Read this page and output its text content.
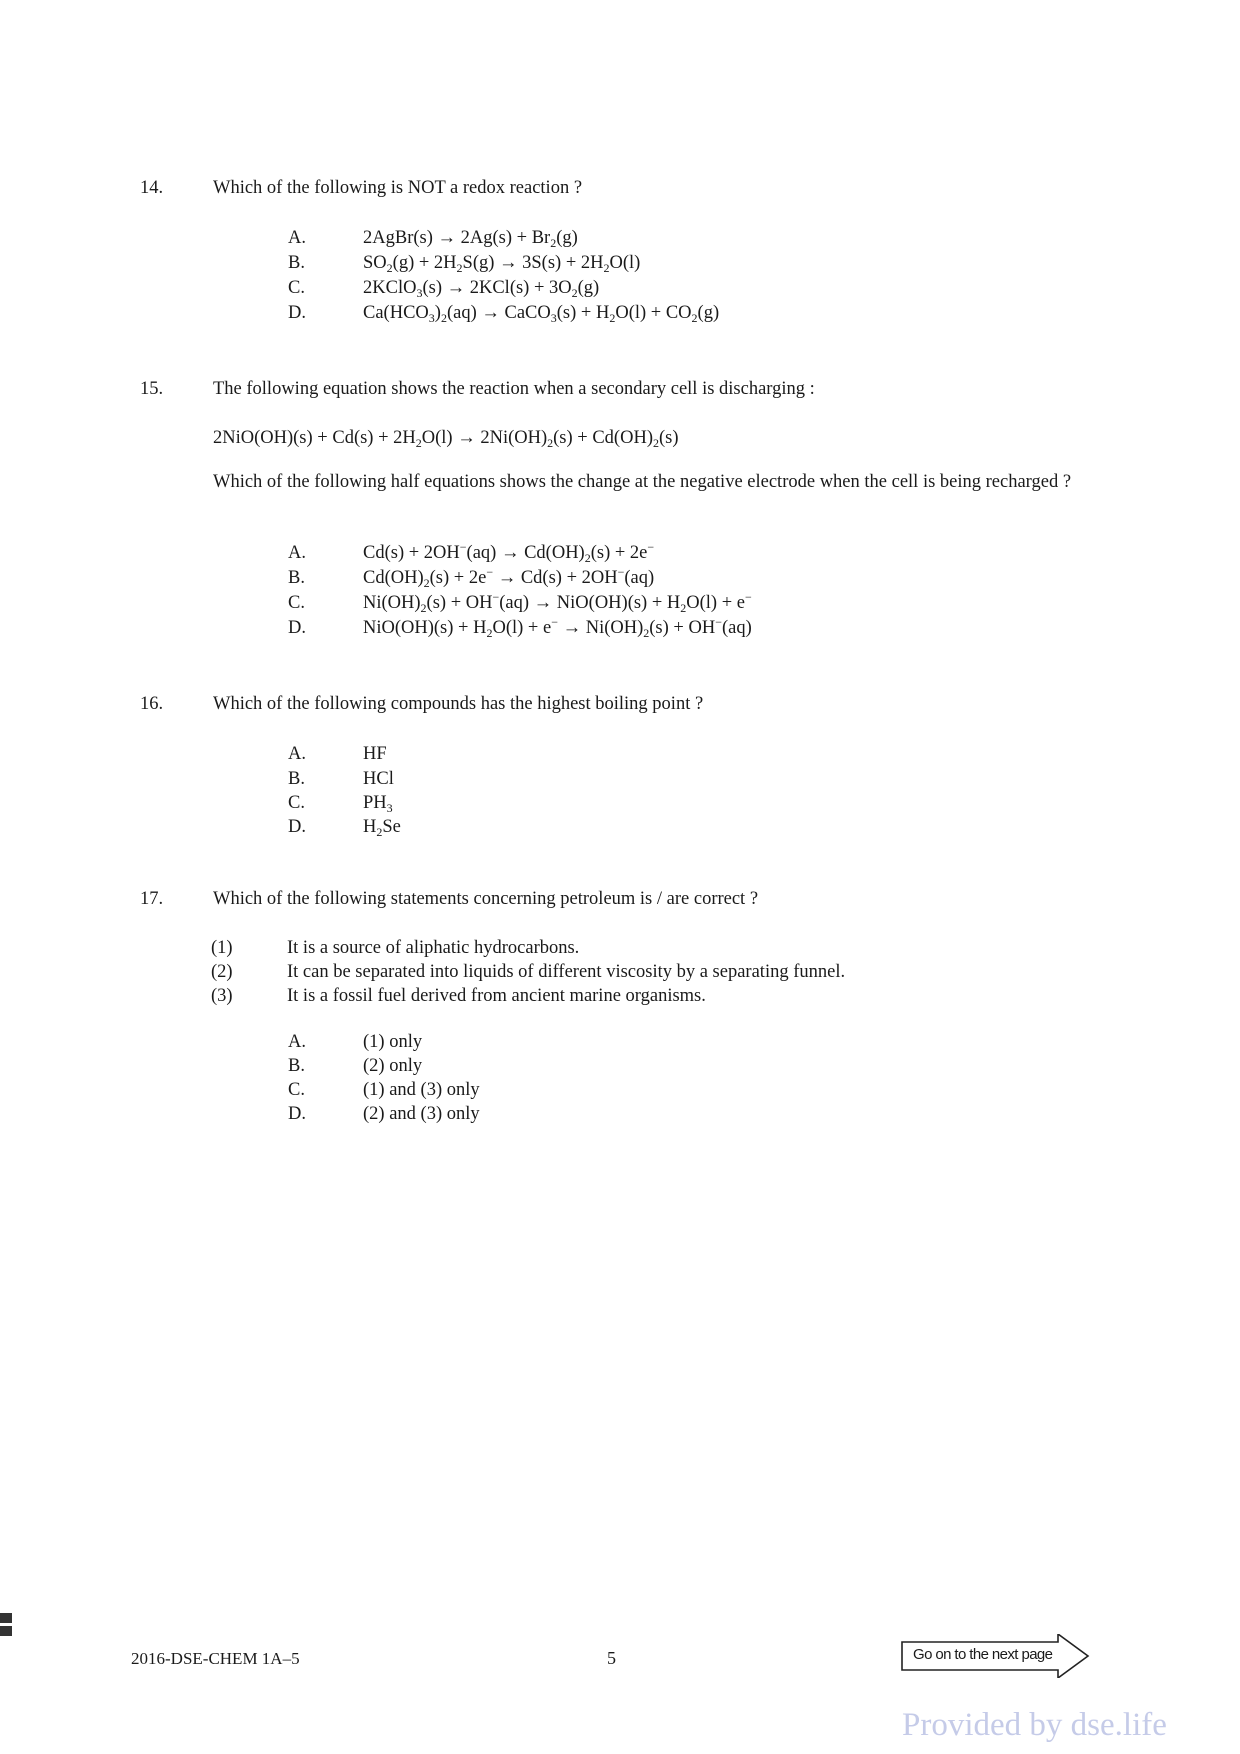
14.	Which of the following is NOT a redox reaction ?
A.	2AgBr(s) → $2Ag(s) + Br_2(g)$
B.	$SO_2(g) + 2H_2S(g) \to 3S(s) + 2H_2O(l)$
C.	2KClO$_3$(s) → $2KCl(s) + 3O_2(g)$
D.	$Ca(HCO_3)_2(aq)$ → CaCO$_3$(s) + $H_2O(l) + CO_2(g)$
15.	The following equation shows the reaction when a secondary cell is discharging :
$2NiO(OH)(s) + Cd(s) + 2H_2O(l) \to 2Ni(OH)_2(s) + Cd(OH)_2(s)$
Which of the following half equations shows the change at the negative electrode when the cell is being recharged ?
A.	$Cd(s) + 2OH^-(aq) \to Cd(OH)_2(s) + 2e^-$
B.	$Cd(OH)_2(s) + 2e^- \to Cd(s) + 2OH^-(aq)$
C.	$Ni(OH)_2(s) + OH^-(aq) \to NiO(OH)(s) + H_2O(l) + e^-$
D.	$NiO(OH)(s) + H_2O(l) + e^- \to Ni(OH)_2(s) + OH^-(aq)$
16.	Which of the following compounds has the highest boiling point ?
A.	HF
B.	HCl
C.	$PH_3$
D.	$H_2Se$
17.	Which of the following statements concerning petroleum is / are correct ?
(1)	It is a source of aliphatic hydrocarbons.
(2)	It can be separated into liquids of different viscosity by a separating funnel.
(3)	It is a fossil fuel derived from ancient marine organisms.
A.	(1) only
B.	(2) only
C.	(1) and (3) only
D.	(2) and (3) only
2016-DSE-CHEM 1A–5	5	Go on to the next page
Provided by dse.life
